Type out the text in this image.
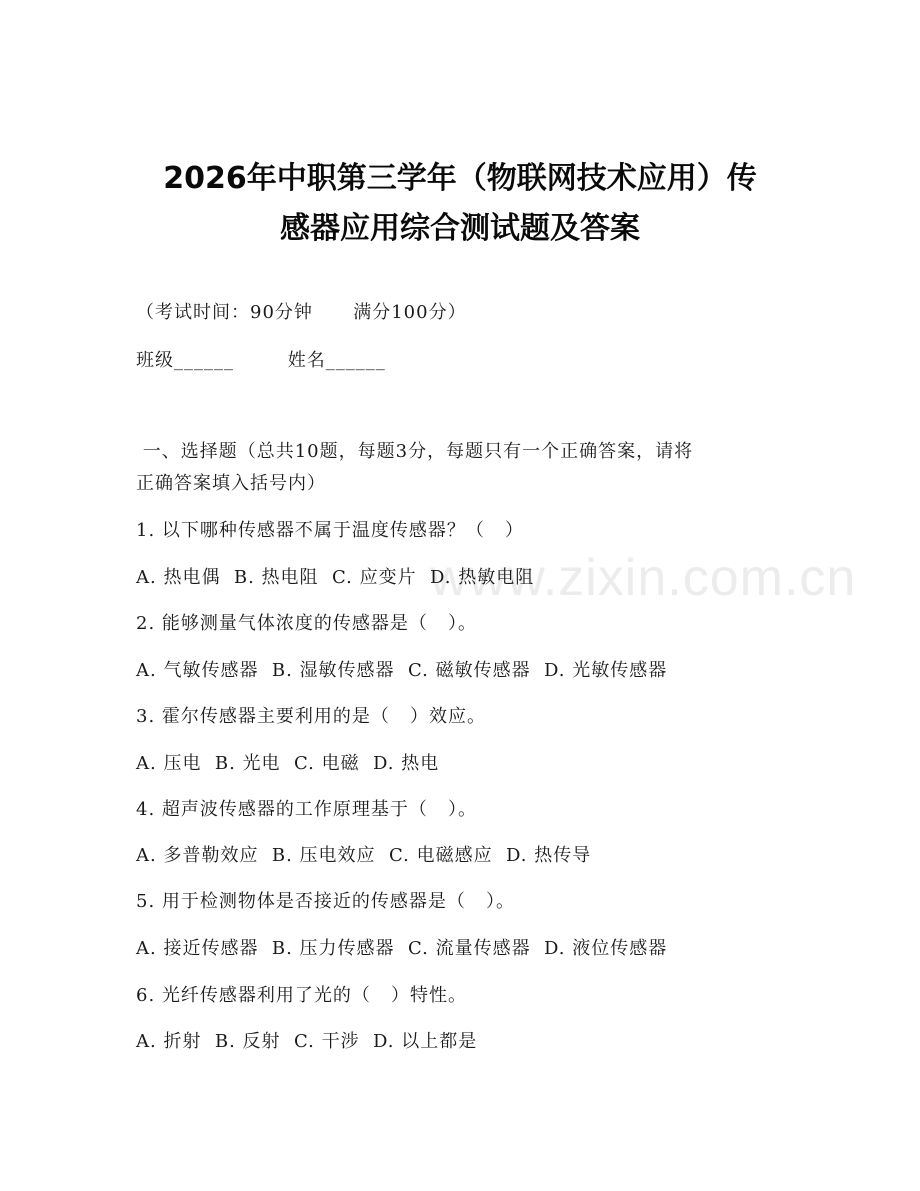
www.zixin.com.cn
2026年中职第三学年（物联网技术应用）传
感器应用综合测试题及答案
（考试时间：90分钟      满分100分）
班级______        姓名______
一、选择题（总共10题，每题3分，每题只有一个正确答案，请将
正确答案填入括号内）
1. 以下哪种传感器不属于温度传感器？（   ）
A. 热电偶  B. 热电阻  C. 应变片  D. 热敏电阻
2. 能够测量气体浓度的传感器是（   ）。
A. 气敏传感器  B. 湿敏传感器  C. 磁敏传感器  D. 光敏传感器
3. 霍尔传感器主要利用的是（   ）效应。
A. 压电  B. 光电  C. 电磁  D. 热电
4. 超声波传感器的工作原理基于（   ）。
A. 多普勒效应  B. 压电效应  C. 电磁感应  D. 热传导
5. 用于检测物体是否接近的传感器是（   ）。
A. 接近传感器  B. 压力传感器  C. 流量传感器  D. 液位传感器
6. 光纤传感器利用了光的（   ）特性。
A. 折射  B. 反射  C. 干涉  D. 以上都是
